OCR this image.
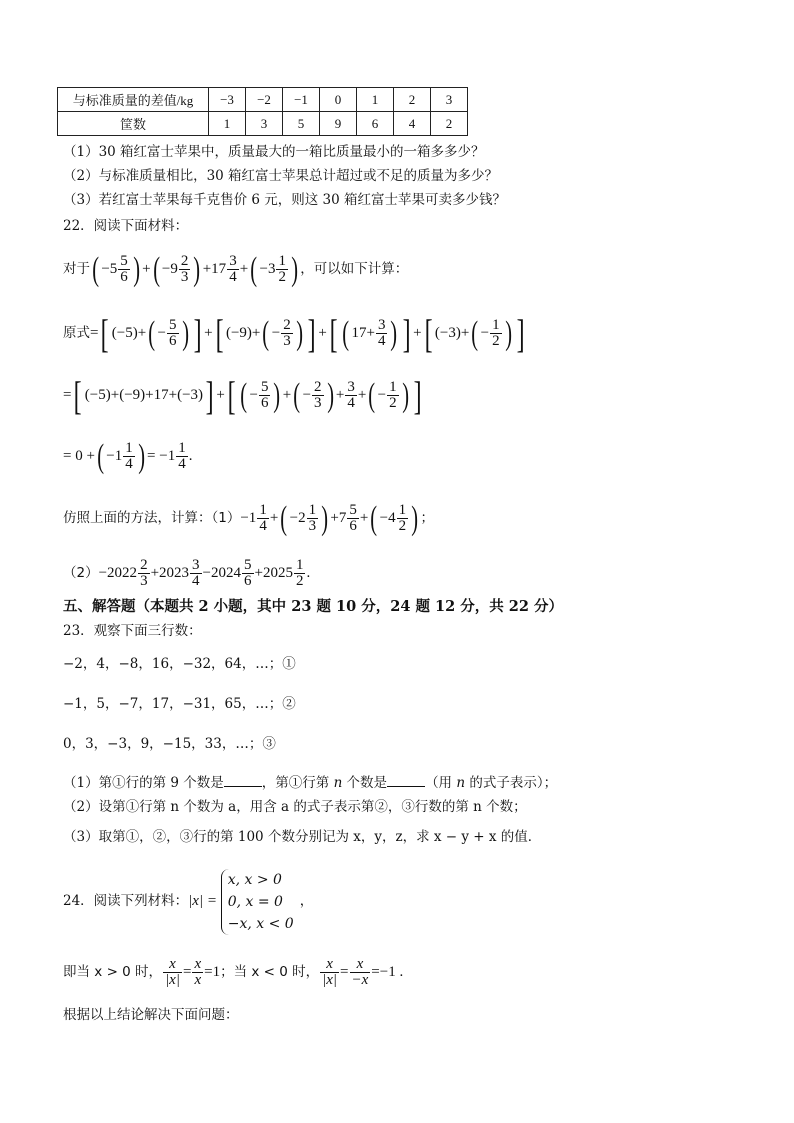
与标准质量的差值/kg	−3	−2	−1	0	1	2	3
筐数	1	3	5	9	6	4	2
（1）30 箱红富士苹果中，质量最大的一箱比质量最小的一箱多多少？
（2）与标准质量相比，30 箱红富士苹果总计超过或不足的质量为多少？
（3）若红富士苹果每千克售价 6 元，则这 30 箱红富士苹果可卖多少钱？
22．阅读下面材料：
对于( $-5 \frac{5}{6}$ ) +( $-9 \frac{2}{3}$ ) $+17 \frac{3}{4}$ +( $-3 \frac{1}{2}$ ) ，可以如下计算：
原式=[ $(-5)+( - \frac{5}{6}$ ) ] +[ $(-9)+( - \frac{2}{3}$ ) ] +[ ( $17+ \frac{3}{4}$ ) ] +[ $(-3)+( - \frac{1}{2}$ ) ]
=[ (−5)+(−9)+17+(−3)] +[ ( − $\frac{5}{6}$ ) +( − $\frac{2}{3}$ ) + $\frac{3}{4}$ +( − $\frac{1}{2}$ ) ]
= 0 +( $-1 \frac{1}{4}$ ) = $-1 \frac{1}{4}$ .
仿照上面的方法，计算：$(1)-1 \frac{1}{4}$ +( $-2 \frac{1}{3}$ ) $+7 \frac{5}{6}$ +( $-4 \frac{1}{2}$ ) ；
$(2)-2022 \frac{2}{3} +2023 \frac{3}{4} -2024 \frac{5}{6} +2025 \frac{1}{2}$ .
五、解答题（本题共 2 小题，其中 23 题 10 分，24 题 12 分，共 22 分）
23．观察下面三行数：
−2，4，−8，16，−32，64，…；①
−1，5，−7，17，−31，65，…；②
0，3，−3，9，−15，33，…；③
（1）第①行的第 9 个数是	，第①行第 n 个数是	（用 n 的式子表示）；
（2）设第①行第 n 个数为 a，用含 a 的式子表示第②，③行数的第 n 个数；
（3）取第①，②，③行的第 100 个数分别记为 x，y，z，求 x − y + x 的值．
24．阅读下列材料：|x| =
x, x > 0
0, x = 0
−x, x < 0
，
即当 x > 0 时， $\frac{x}{|x|} = \frac{x}{x} =1$；当 x < 0 时， $\frac{x}{|x|} = \frac{x}{-x} =-1$ .
根据以上结论解决下面问题：
